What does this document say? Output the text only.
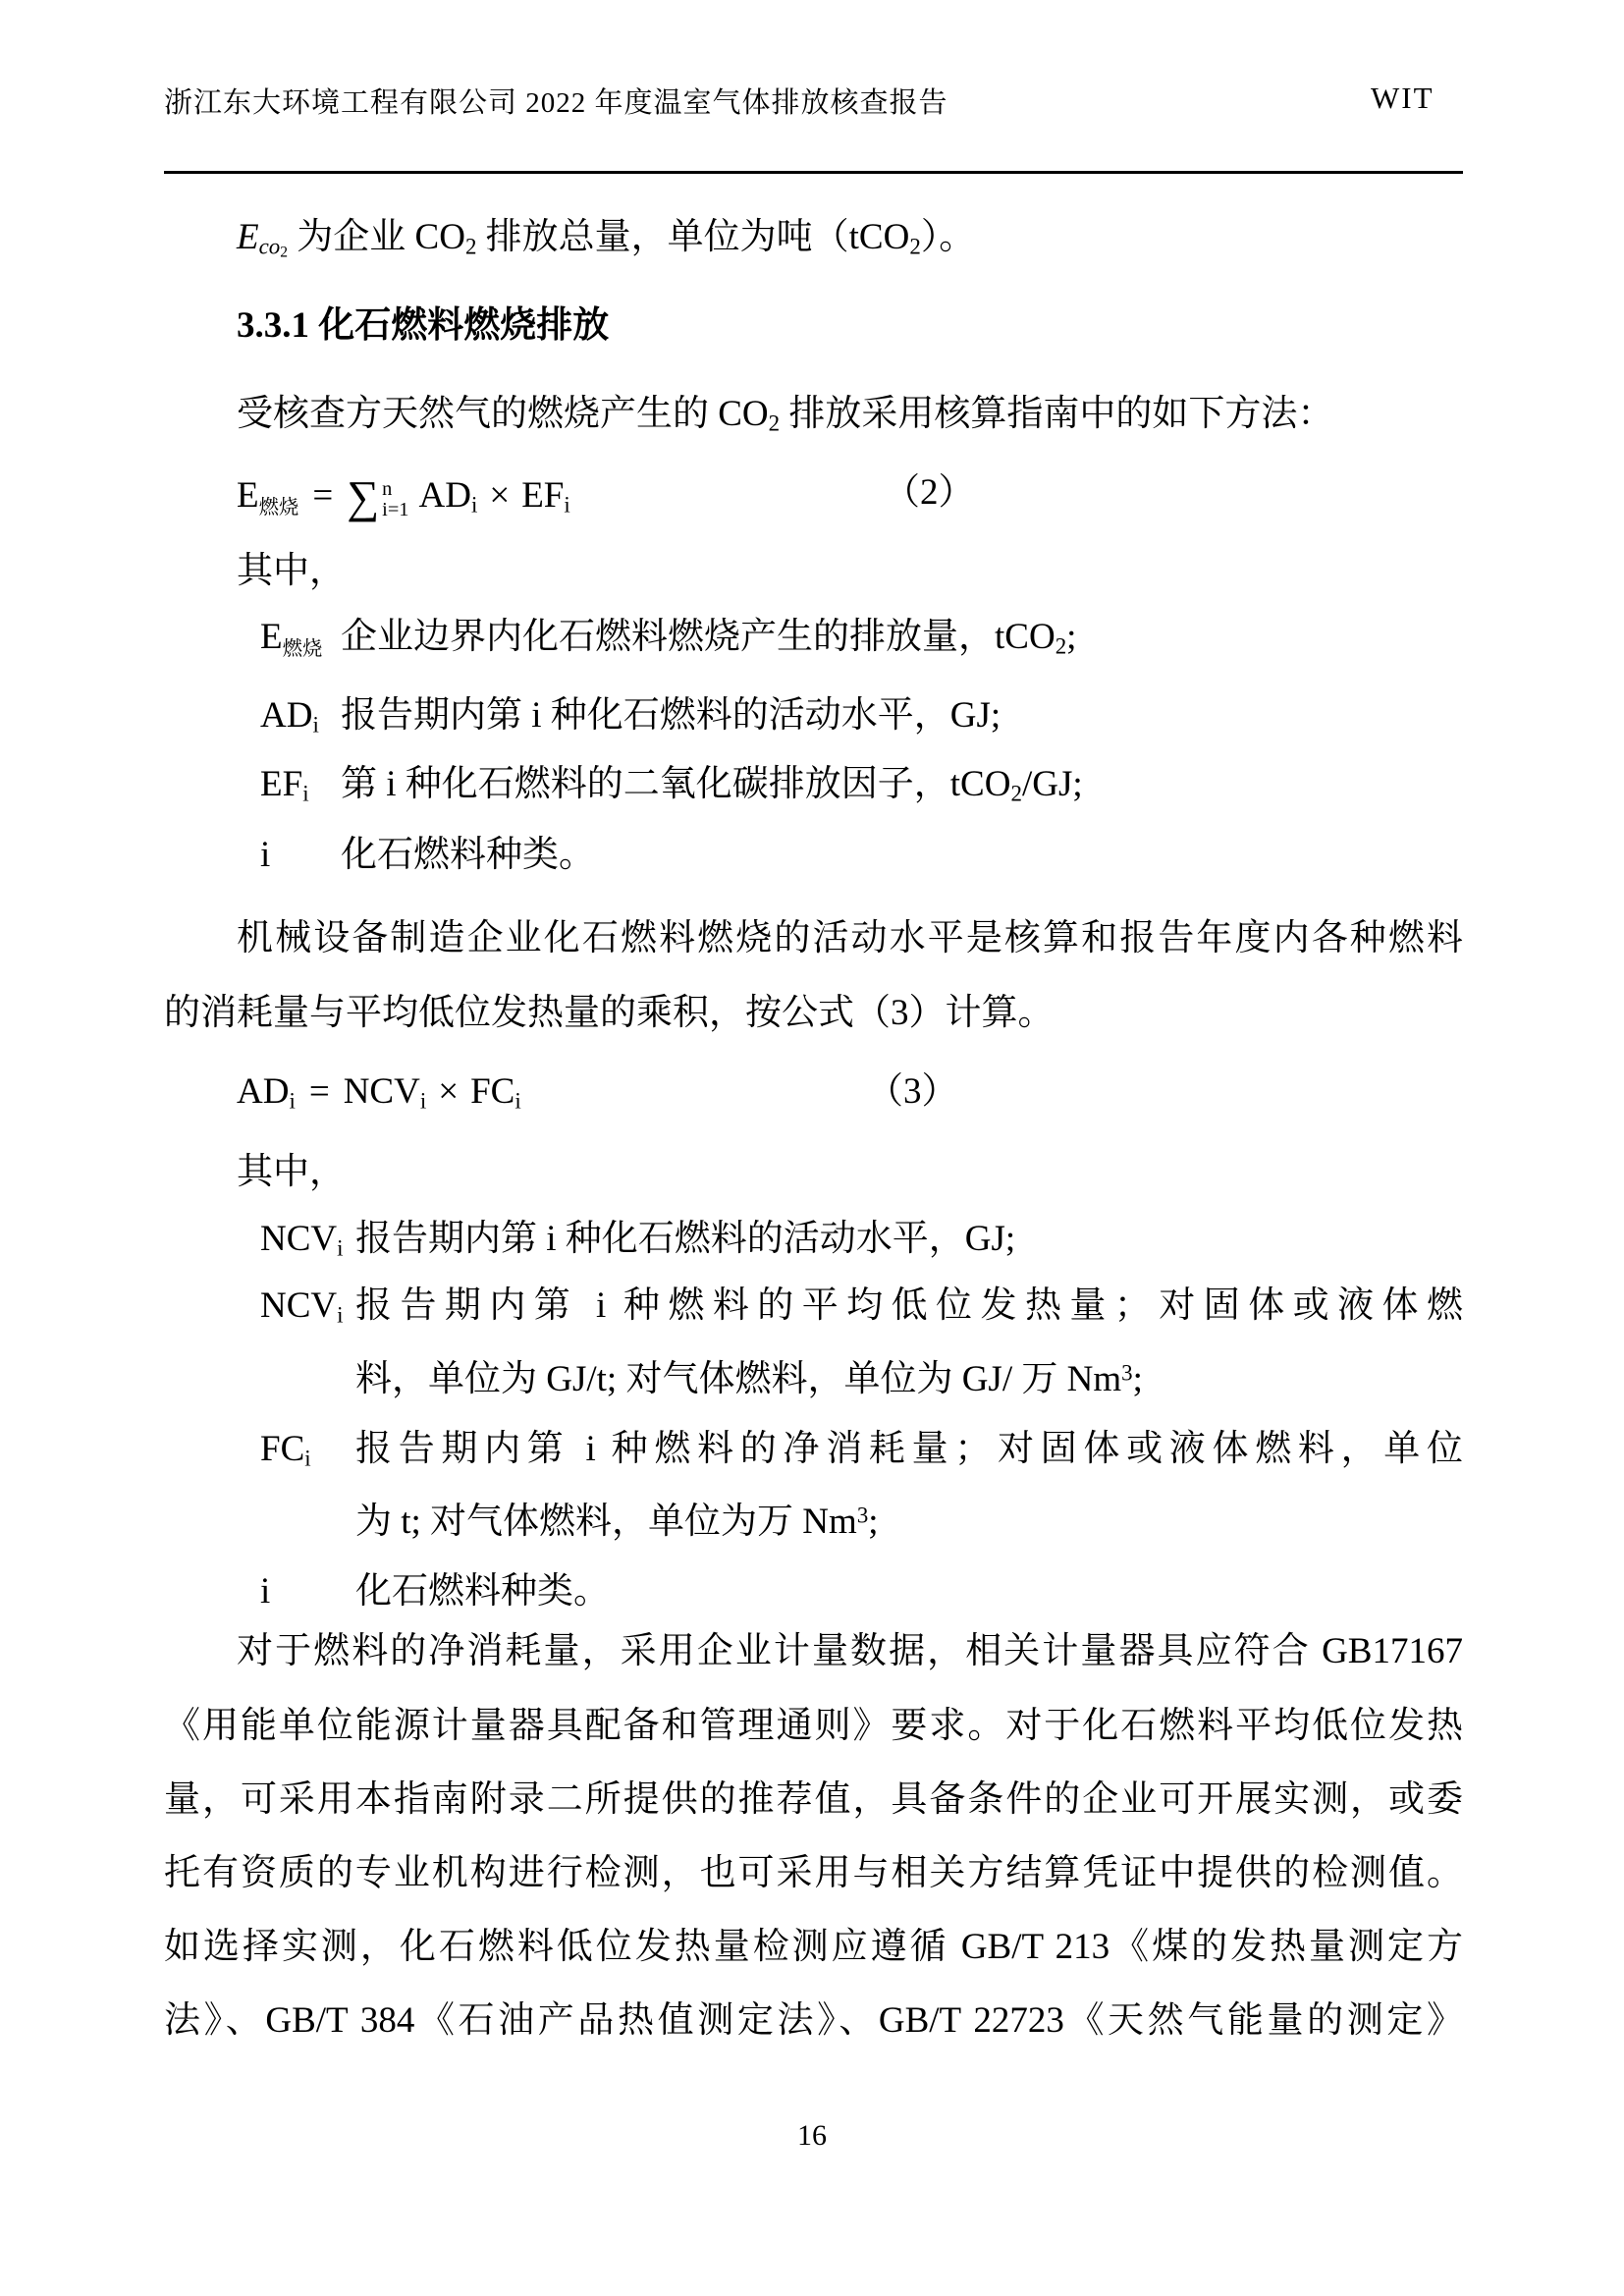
浙江东大环境工程有限公司 2022 年度温室气体排放核查报告	WIT
$E_{co2}$ 为企业 $CO_2$ 排放总量，单位为吨（tCO$_2$）。
3.3.1 化石燃料燃烧排放
受核查方天然气的燃烧产生的 $CO_2$ 排放采用核算指南中的如下方法：
$E_{燃烧}$ = ∑ n
i=1 $AD_i \times EF_i$	（2）
其中，
$E_{燃烧}$ 企业边界内化石燃料燃烧产生的排放量，tCO$_2$;
$AD_i$ 报告期内第 i 种化石燃料的活动水平，GJ;
$EF_i$ 第 i 种化石燃料的二氧化碳排放因子，tCO$_2$/GJ;
i 化石燃料种类。
机械设备制造企业化石燃料燃烧的活动水平是核算和报告年度内各种燃料
的消耗量与平均低位发热量的乘积，按公式（3）计算。
$AD_i = NCV_i \times FC_i$	（3）
其中，
$NCV_i$ 报告期内第 i 种化石燃料的活动水平，GJ;
$NCV_i$ 报告期内第 i 种燃料的平均低位发热量；对固体或液体燃
料，单位为 GJ/t; 对气体燃料，单位为 GJ/ 万 Nm$^3$;
$FC_i$ 报告期内第 i 种燃料的净消耗量；对固体或液体燃料，单位
为 t; 对气体燃料，单位为万 Nm$^3$;
i 化石燃料种类。
对于燃料的净消耗量，采用企业计量数据，相关计量器具应符合 GB17167
《用能单位能源计量器具配备和管理通则》要求。对于化石燃料平均低位发热
量，可采用本指南附录二所提供的推荐值，具备条件的企业可开展实测，或委
托有资质的专业机构进行检测，也可采用与相关方结算凭证中提供的检测值。
如选择实测，化石燃料低位发热量检测应遵循 GB/T 213《煤的发热量测定方
法》、GB/T 384《石油产品热值测定法》、GB/T 22723《天然气能量的测定》
16
